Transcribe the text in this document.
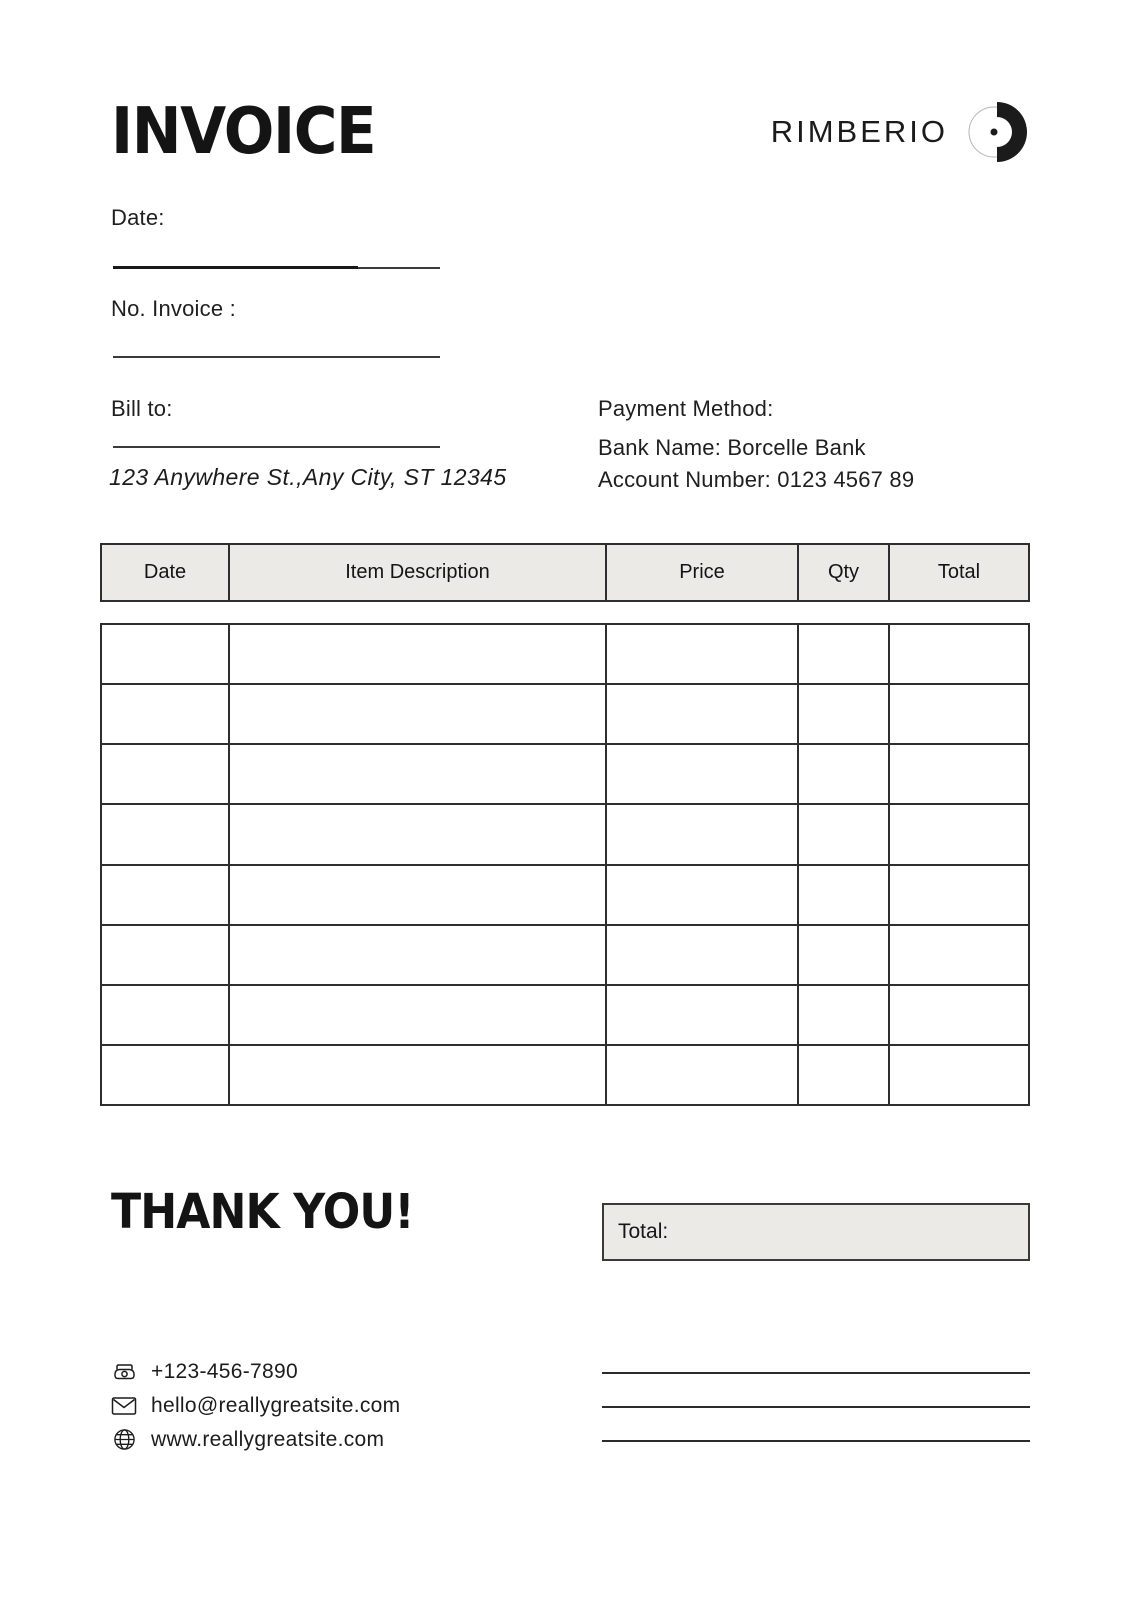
INVOICE	RIMBERIO
Date:
No. Invoice :
Bill to:
123 Anywhere St.,Any City, ST 12345
Payment Method:
Bank Name: Borcelle Bank
Account Number: 0123 4567 89
Date	Item Description	Price	Qty	Total
THANK YOU!	Total:
+123-456-7890
hello@reallygreatsite.com
www.reallygreatsite.com
